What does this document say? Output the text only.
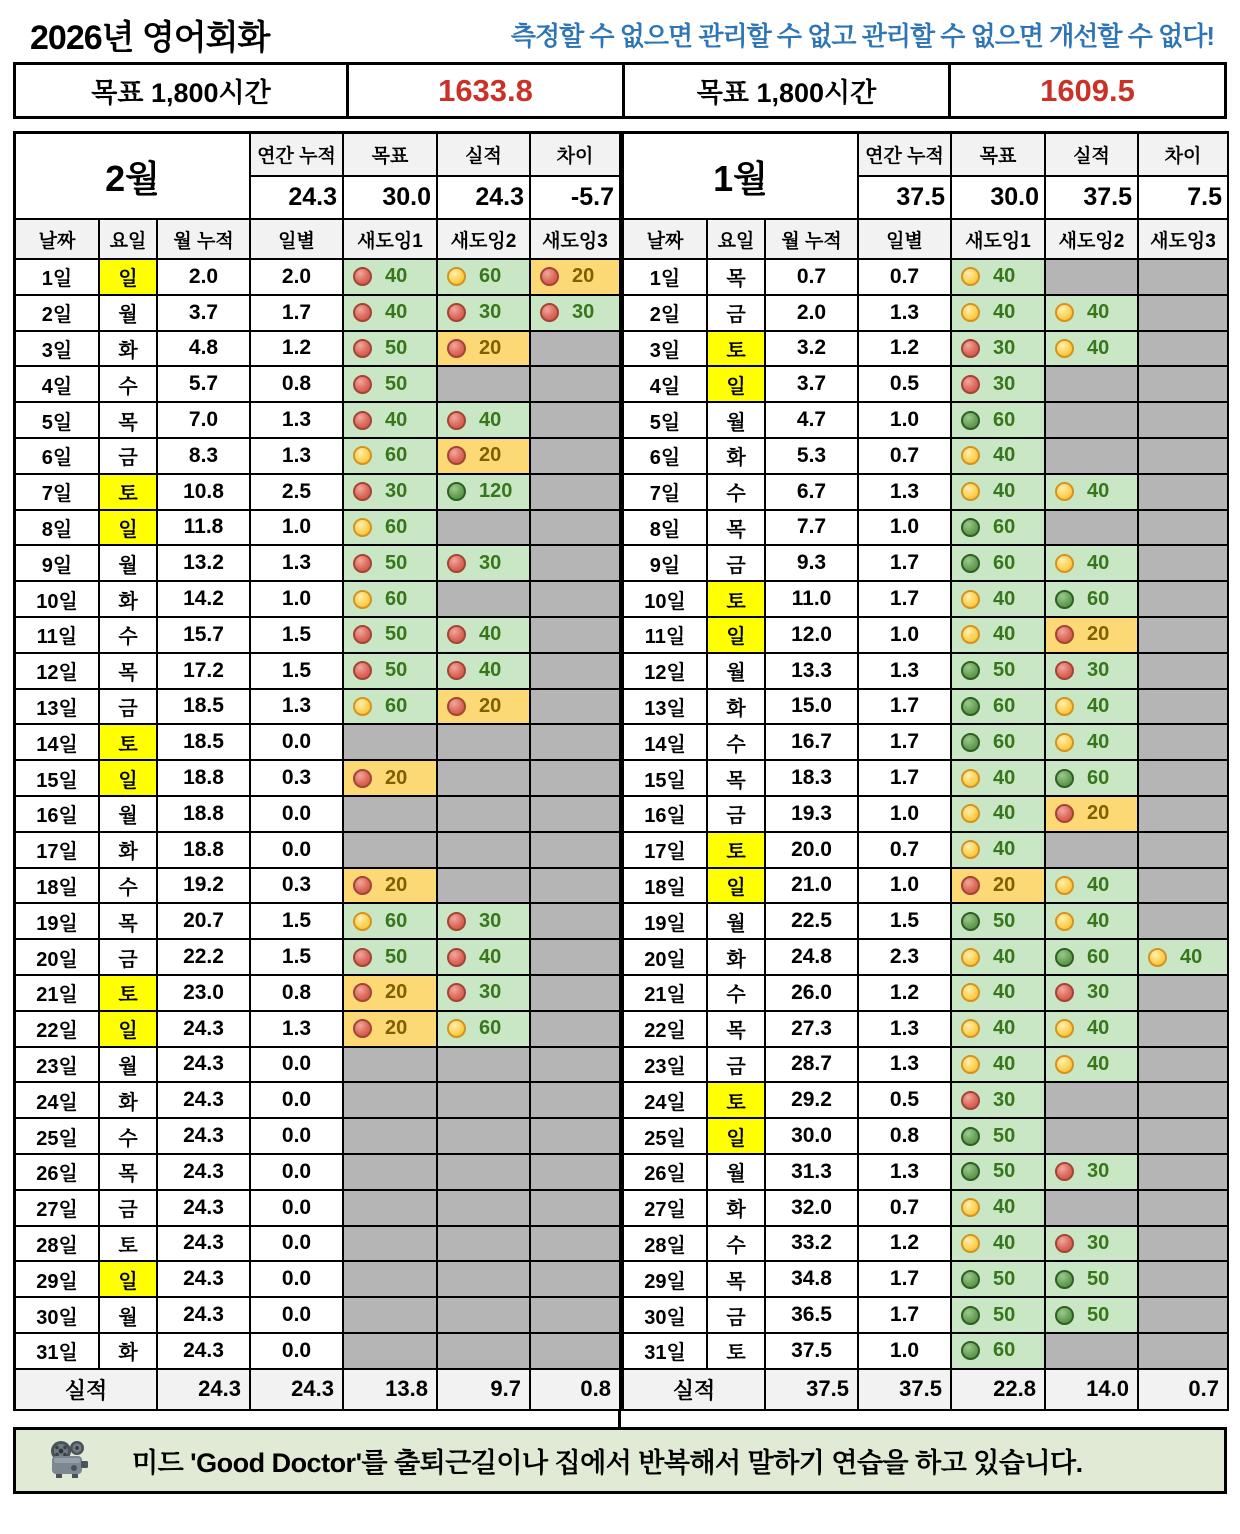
2026년 영어회화	측정할 수 없으면 관리할 수 없고 관리할 수 없으면 개선할 수 없다!
목표 1,800시간	1633.8	목표 1,800시간	1609.5
2월
연간 누적	목표	실적	차이
24.3	30.0	24.3	-5.7
날짜	요일	월 누적	일별	새도잉1	새도잉2	새도잉3
1일	일	2.0	2.0	40	60	20
2일	월	3.7	1.7	40	30	30
3일	화	4.8	1.2	50	20
4일	수	5.7	0.8	50
5일	목	7.0	1.3	40	40
6일	금	8.3	1.3	60	20
7일	토	10.8	2.5	30	120
8일	일	11.8	1.0	60
9일	월	13.2	1.3	50	30
10일	화	14.2	1.0	60
11일	수	15.7	1.5	50	40
12일	목	17.2	1.5	50	40
13일	금	18.5	1.3	60	20
14일	토	18.5	0.0
15일	일	18.8	0.3	20
16일	월	18.8	0.0
17일	화	18.8	0.0
18일	수	19.2	0.3	20
19일	목	20.7	1.5	60	30
20일	금	22.2	1.5	50	40
21일	토	23.0	0.8	20	30
22일	일	24.3	1.3	20	60
23일	월	24.3	0.0
24일	화	24.3	0.0
25일	수	24.3	0.0
26일	목	24.3	0.0
27일	금	24.3	0.0
28일	토	24.3	0.0
29일	일	24.3	0.0
30일	월	24.3	0.0
31일	화	24.3	0.0
실적	24.3	24.3	13.8	9.7	0.8
1월
연간 누적	목표	실적	차이
37.5	30.0	37.5	7.5
날짜	요일	월 누적	일별	새도잉1	새도잉2	새도잉3
1일	목	0.7	0.7	40
2일	금	2.0	1.3	40	40
3일	토	3.2	1.2	30	40
4일	일	3.7	0.5	30
5일	월	4.7	1.0	60
6일	화	5.3	0.7	40
7일	수	6.7	1.3	40	40
8일	목	7.7	1.0	60
9일	금	9.3	1.7	60	40
10일	토	11.0	1.7	40	60
11일	일	12.0	1.0	40	20
12일	월	13.3	1.3	50	30
13일	화	15.0	1.7	60	40
14일	수	16.7	1.7	60	40
15일	목	18.3	1.7	40	60
16일	금	19.3	1.0	40	20
17일	토	20.0	0.7	40
18일	일	21.0	1.0	20	40
19일	월	22.5	1.5	50	40
20일	화	24.8	2.3	40	60	40
21일	수	26.0	1.2	40	30
22일	목	27.3	1.3	40	40
23일	금	28.7	1.3	40	40
24일	토	29.2	0.5	30
25일	일	30.0	0.8	50
26일	월	31.3	1.3	50	30
27일	화	32.0	0.7	40
28일	수	33.2	1.2	40	30
29일	목	34.8	1.7	50	50
30일	금	36.5	1.7	50	50
31일	토	37.5	1.0	60
실적	37.5	37.5	22.8	14.0	0.7
미드 'Good Doctor'를 출퇴근길이나 집에서 반복해서 말하기 연습을 하고 있습니다.
